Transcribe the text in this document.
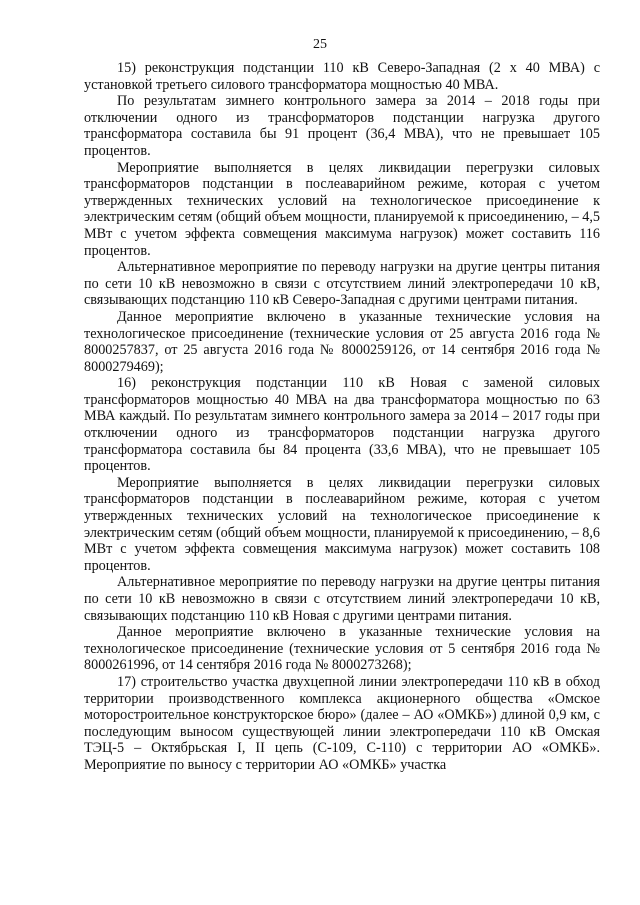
25

15) реконструкция подстанции 110 кВ Северо-Западная (2 х 40 МВА) с установкой третьего силового трансформатора мощностью 40 МВА.

По результатам зимнего контрольного замера за 2014 – 2018 годы при отключении одного из трансформаторов подстанции нагрузка другого трансформатора составила бы 91 процент (36,4 МВА), что не превышает 105 процентов.

Мероприятие выполняется в целях ликвидации перегрузки силовых трансформаторов подстанции в послеаварийном режиме, которая с учетом утвержденных технических условий на технологическое присоединение к электрическим сетям (общий объем мощности, планируемой к присоединению, – 4,5 МВт с учетом эффекта совмещения максимума нагрузок) может составить 116 процентов.

Альтернативное мероприятие по переводу нагрузки на другие центры питания по сети 10 кВ невозможно в связи с отсутствием линий электропередачи 10 кВ, связывающих подстанцию 110 кВ Северо-Западная с другими центрами питания.

Данное мероприятие включено в указанные технические условия на технологическое присоединение (технические условия от 25 августа 2016 года № 8000257837, от 25 августа 2016 года № 8000259126, от 14 сентября 2016 года № 8000279469);

16) реконструкция подстанции 110 кВ Новая с заменой силовых трансформаторов мощностью 40 МВА на два трансформатора мощностью по 63 МВА каждый. По результатам зимнего контрольного замера за 2014 – 2017 годы при отключении одного из трансформаторов подстанции нагрузка другого трансформатора составила бы 84 процента (33,6 МВА), что не превышает 105 процентов.

Мероприятие выполняется в целях ликвидации перегрузки силовых трансформаторов подстанции в послеаварийном режиме, которая с учетом утвержденных технических условий на технологическое присоединение к электрическим сетям (общий объем мощности, планируемой к присоединению, – 8,6 МВт с учетом эффекта совмещения максимума нагрузок) может составить 108 процентов.

Альтернативное мероприятие по переводу нагрузки на другие центры питания по сети 10 кВ невозможно в связи с отсутствием линий электропередачи 10 кВ, связывающих подстанцию 110 кВ Новая с другими центрами питания.

Данное мероприятие включено в указанные технические условия на технологическое присоединение (технические условия от 5 сентября 2016 года № 8000261996, от 14 сентября 2016 года № 8000273268);

17) строительство участка двухцепной линии электропередачи 110 кВ в обход территории производственного комплекса акционерного общества «Омское моторостроительное конструкторское бюро» (далее – АО «ОМКБ») длиной 0,9 км, с последующим выносом существующей линии электропередачи 110 кВ Омская ТЭЦ-5 – Октябрьская I, II цепь (С-109, С-110) с территории АО «ОМКБ». Мероприятие по выносу с территории АО «ОМКБ» участка
